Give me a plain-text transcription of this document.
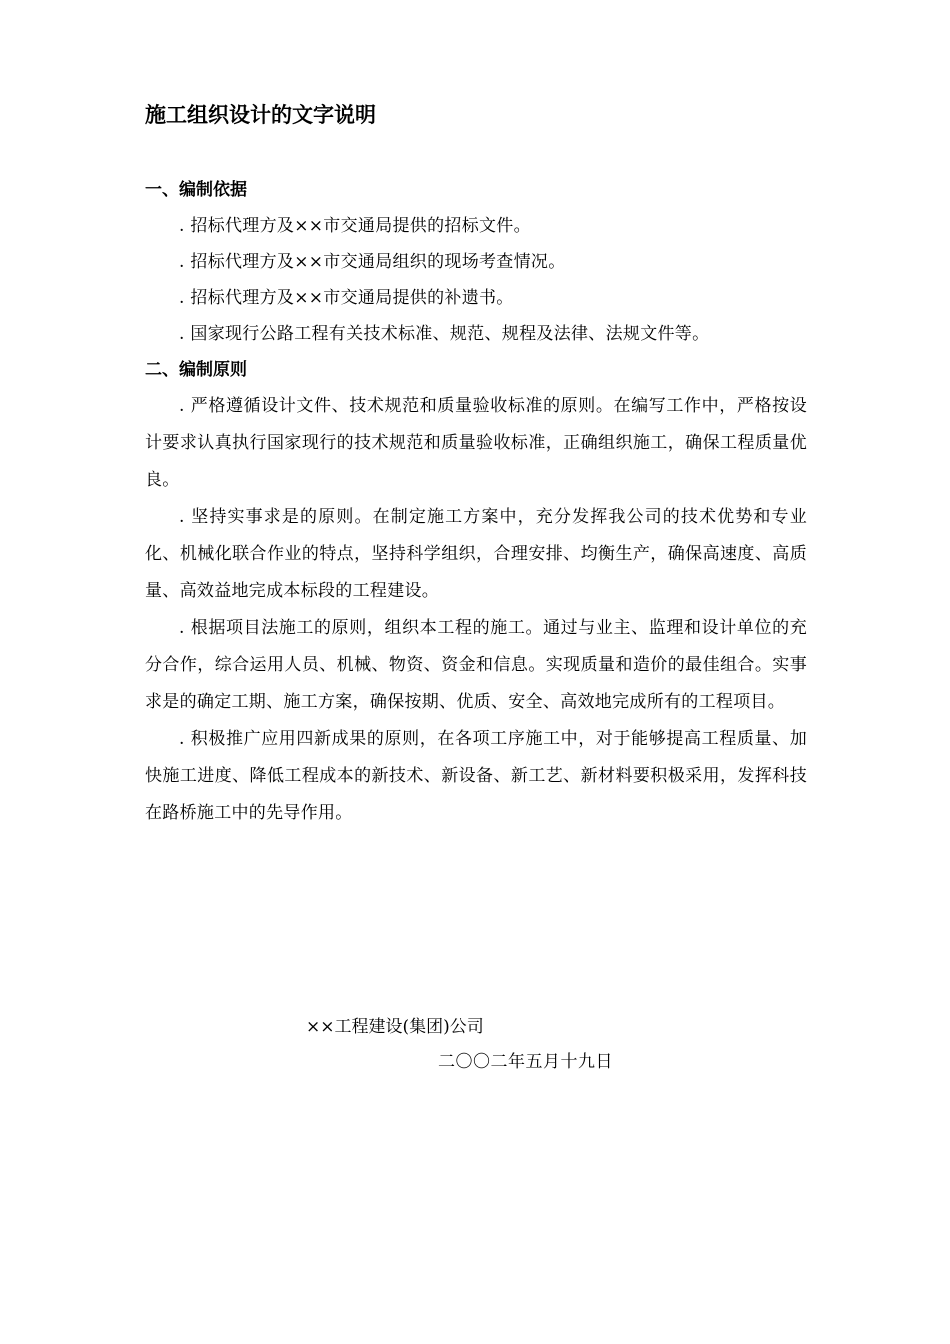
施工组织设计的文字说明
一、编制依据

. 招标代理方及××市交通局提供的招标文件。

. 招标代理方及××市交通局组织的现场考查情况。

. 招标代理方及××市交通局提供的补遗书。

. 国家现行公路工程有关技术标准、规范、规程及法律、法规文件等。

二、编制原则

. 严格遵循设计文件、技术规范和质量验收标准的原则。在编写工作中，严格按设计要求认真执行国家现行的技术规范和质量验收标准，正确组织施工，确保工程质量优良。

. 坚持实事求是的原则。在制定施工方案中，充分发挥我公司的技术优势和专业化、机械化联合作业的特点，坚持科学组织，合理安排、均衡生产，确保高速度、高质量、高效益地完成本标段的工程建设。

. 根据项目法施工的原则，组织本工程的施工。通过与业主、监理和设计单位的充分合作，综合运用人员、机械、物资、资金和信息。实现质量和造价的最佳组合。实事求是的确定工期、施工方案，确保按期、优质、安全、高效地完成所有的工程项目。

. 积极推广应用四新成果的原则，在各项工序施工中，对于能够提高工程质量、加快施工进度、降低工程成本的新技术、新设备、新工艺、新材料要积极采用，发挥科技在路桥施工中的先导作用。

××工程建设(集团)公司

二〇〇二年五月十九日
